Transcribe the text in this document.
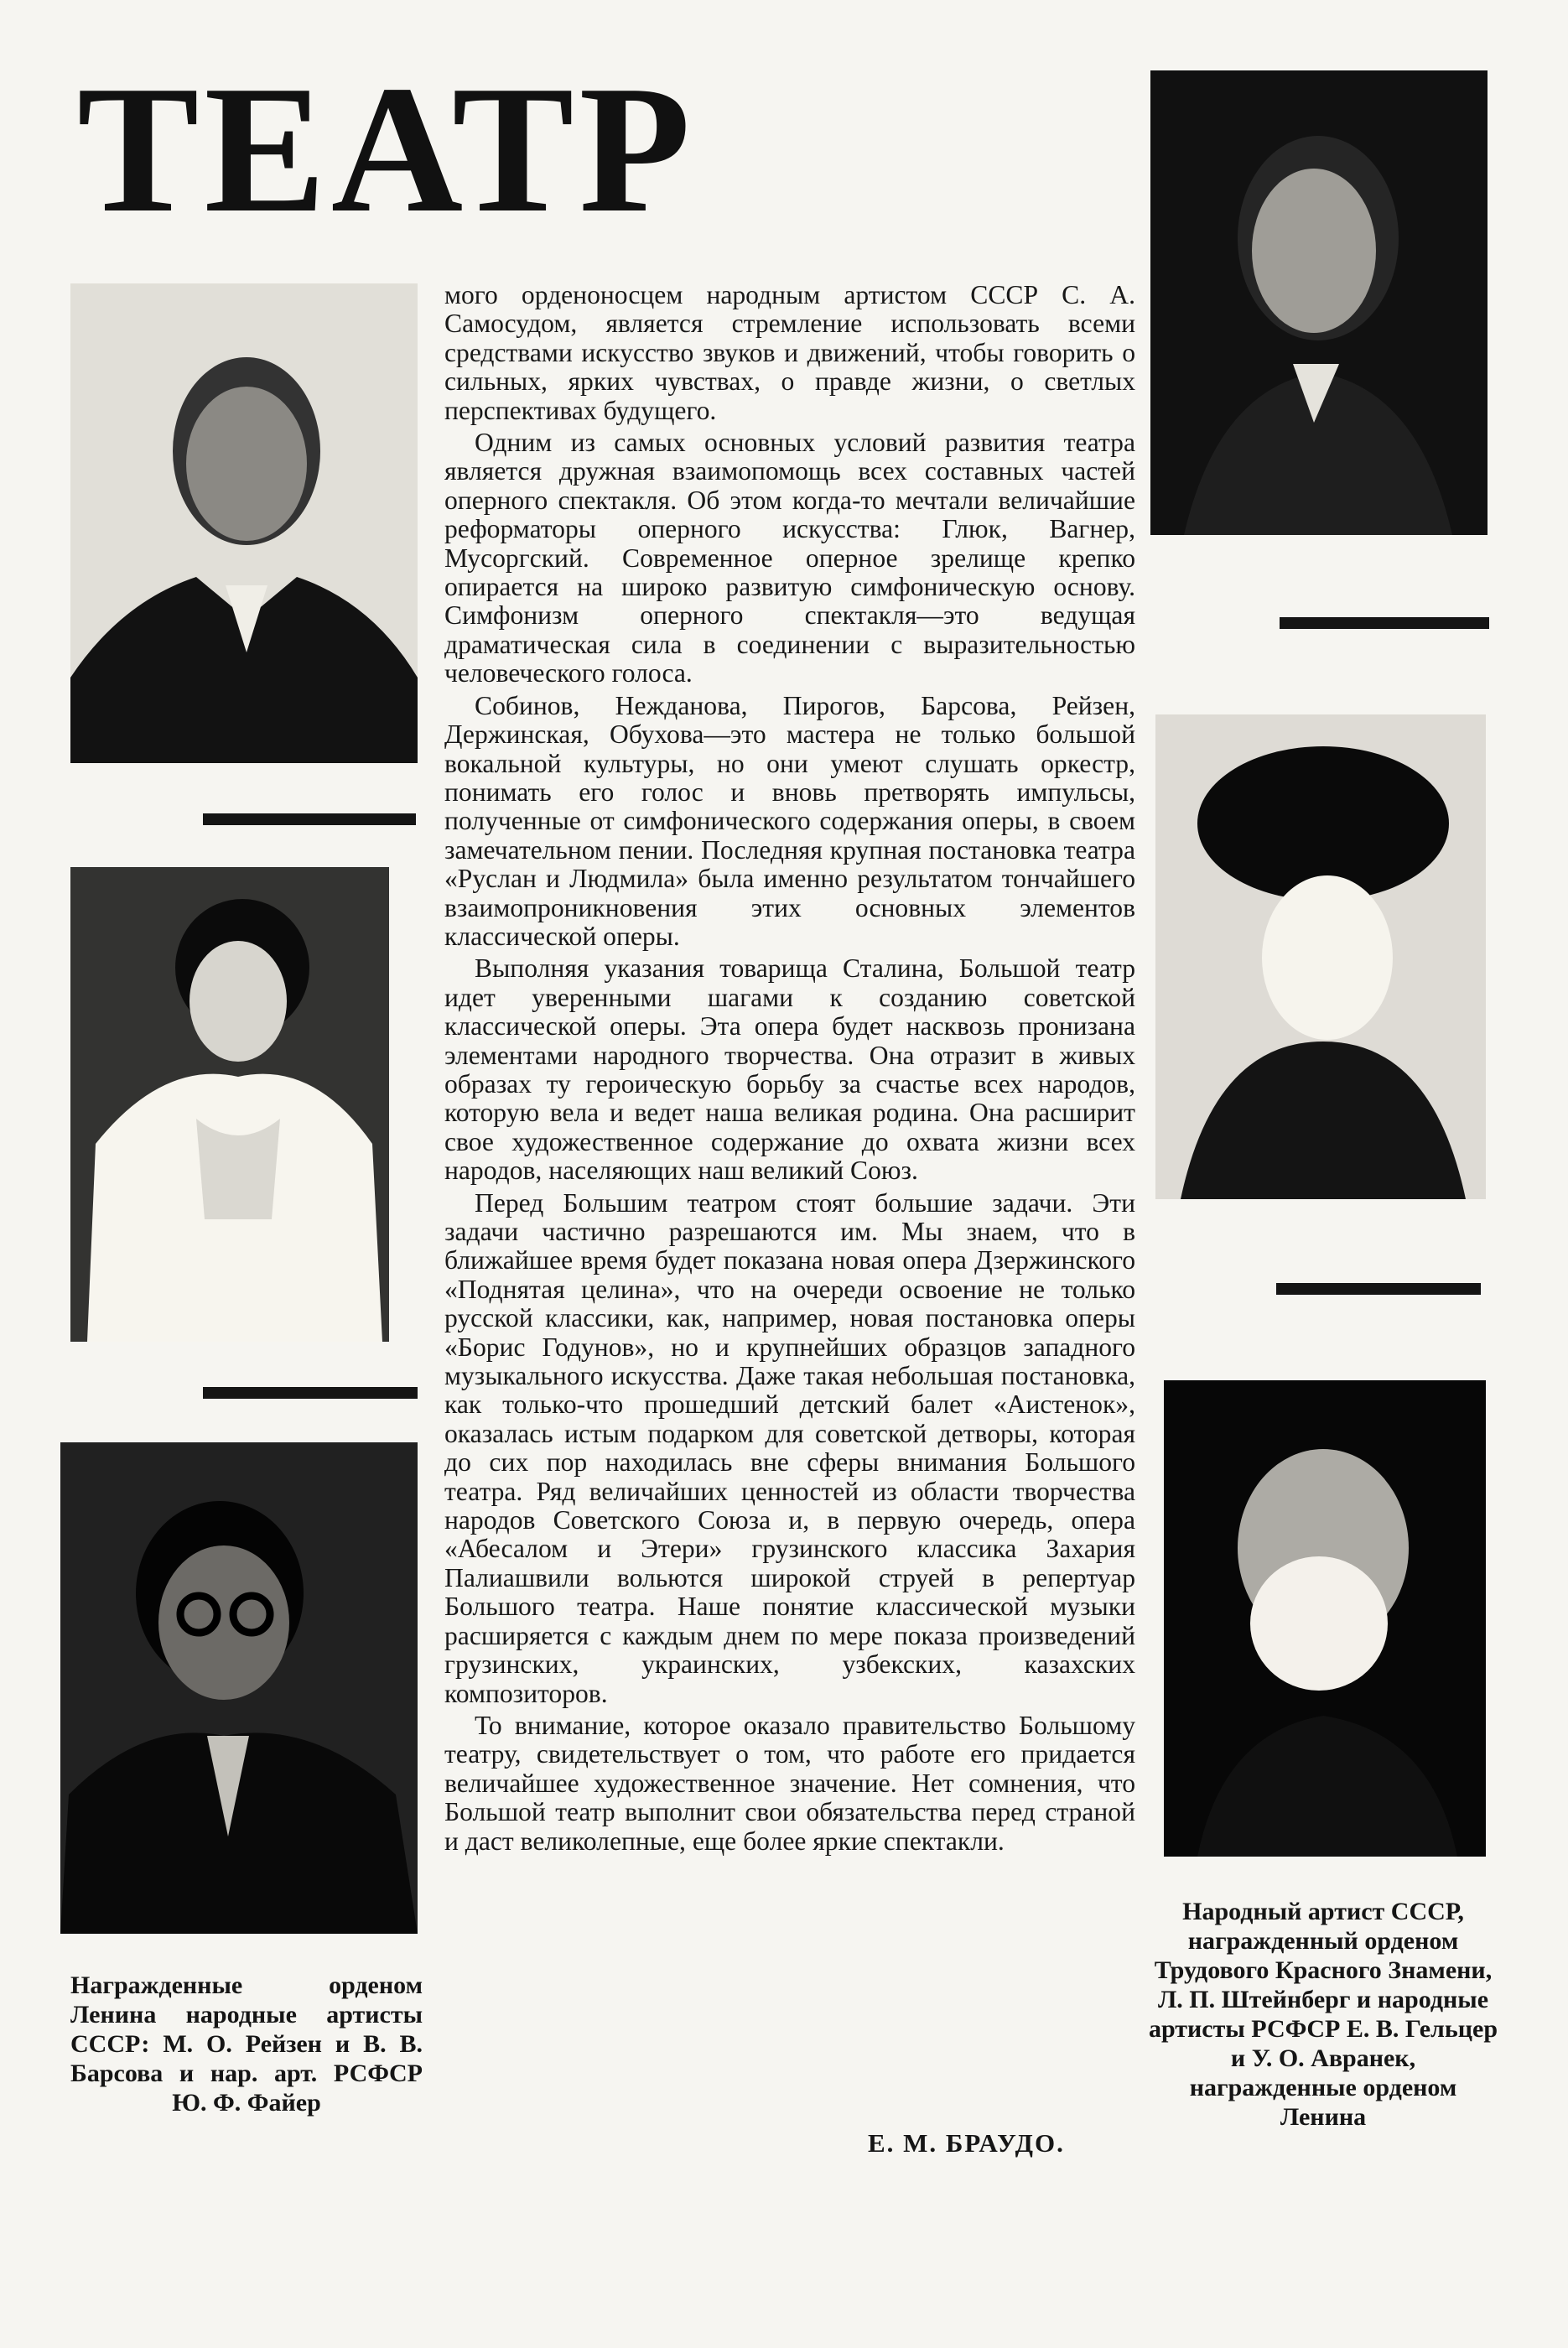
ТЕАТР

мого орденоносцем народным артистом СССР С. А. Самосудом, является стремление использовать всеми средствами искусство звуков и движений, чтобы говорить о сильных, ярких чувствах, о правде жизни, о светлых перспективах будущего.

Одним из самых основных условий развития театра является дружная взаимопомощь всех составных частей оперного спектакля. Об этом когда-то мечтали величайшие реформаторы оперного искусства: Глюк, Вагнер, Мусоргский. Современное оперное зрелище крепко опирается на широко развитую симфоническую основу. Симфонизм оперного спектакля—это ведущая драматическая сила в соединении с выразительностью человеческого голоса.

Собинов, Нежданова, Пирогов, Барсова, Рейзен, Держинская, Обухова—это мастера не только большой вокальной культуры, но они умеют слушать оркестр, понимать его голос и вновь претворять импульсы, полученные от симфонического содержания оперы, в своем замечательном пении. Последняя крупная постановка театра «Руслан и Людмила» была именно результатом тончайшего взаимопроникновения этих основных элементов классической оперы.

Выполняя указания товарища Сталина, Большой театр идет уверенными шагами к созданию советской классической оперы. Эта опера будет насквозь пронизана элементами народного творчества. Она отразит в живых образах ту героическую борьбу за счастье всех народов, которую вела и ведет наша великая родина. Она расширит свое художественное содержание до охвата жизни всех народов, населяющих наш великий Союз.

Перед Большим театром стоят большие задачи. Эти задачи частично разрешаются им. Мы знаем, что в ближайшее время будет показана новая опера Дзержинского «Поднятая целина», что на очереди освоение не только русской классики, как, например, новая постановка оперы «Борис Годунов», но и крупнейших образцов западного музыкального искусства. Даже такая небольшая постановка, как только-что прошедший детский балет «Аистенок», оказалась истым подарком для советской детворы, которая до сих пор находилась вне сферы внимания Большого театра. Ряд величайших ценностей из области творчества народов Советского Союза и, в первую очередь, опера «Абесалом и Этери» грузинского классика Захария Палиашвили вольются широкой струей в репертуар Большого театра. Наше понятие классической музыки расширяется с каждым днем по мере показа произведений грузинских, украинских, узбекских, казахских композиторов.

То внимание, которое оказало правительство Большому театру, свидетельствует о том, что работе его придается величайшее художественное значение. Нет сомнения, что Большой театр выполнит свои обязательства перед страной и даст великолепные, еще более яркие спектакли.

Е. М. БРАУДО.

Награжденные орденом Ленина народные артисты СССР: М. О. Рейзен и В. В. Барсова и нар. арт. РСФСР Ю. Ф. Файер

Народный артист СССР, награжденный орденом Трудового Красного Знамени, Л. П. Штейнберг и народные артисты РСФСР Е. В. Гельцер и У. О. Авранек, награжденные орденом Ленина
